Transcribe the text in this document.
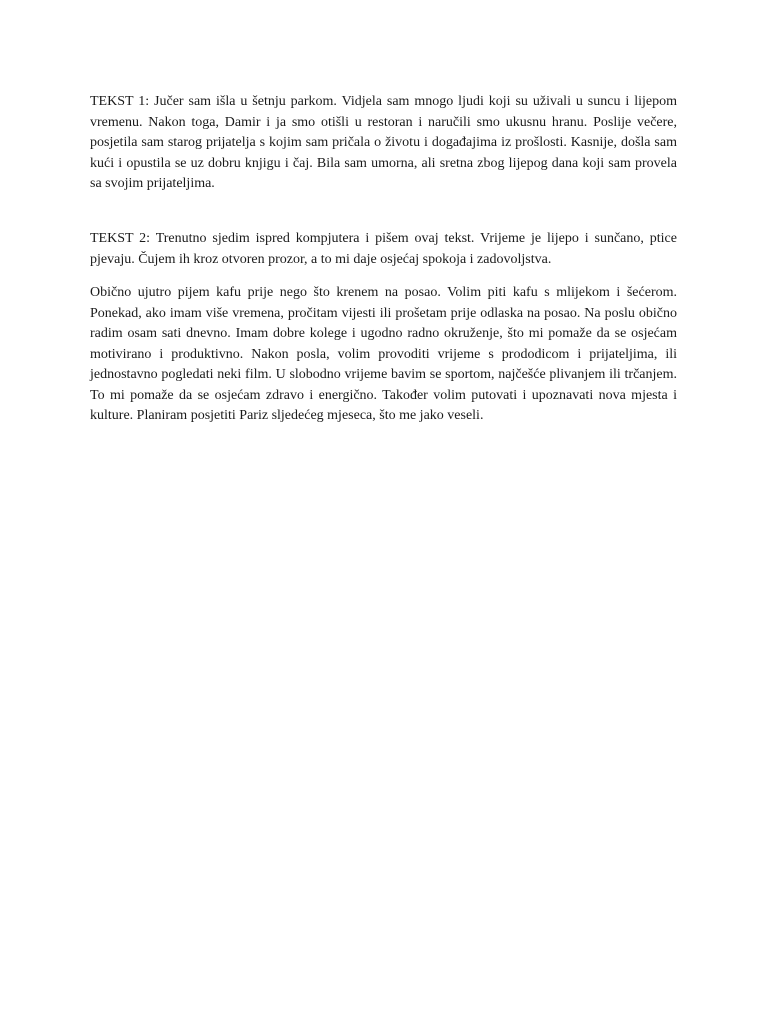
TEKST 1: Jučer sam išla u šetnju parkom. Vidjela sam mnogo ljudi koji su uživali u suncu i lijepom vremenu. Nakon toga, Damir i ja smo otišli u restoran i naručili smo ukusnu hranu. Poslije večere, posjetila sam starog prijatelja s kojim sam pričala o životu i događajima iz prošlosti. Kasnije, došla sam kući i opustila se uz dobru knjigu i čaj. Bila sam umorna, ali sretna zbog lijepog dana koji sam provela sa svojim prijateljima.

TEKST 2: Trenutno sjedim ispred kompjutera i pišem ovaj tekst. Vrijeme je lijepo i sunčano, ptice pjevaju. Čujem ih kroz otvoren prozor, a to mi daje osjećaj spokoja i zadovoljstva.

Obično ujutro pijem kafu prije nego što krenem na posao. Volim piti kafu s mlijekom i šećerom. Ponekad, ako imam više vremena, pročitam vijesti ili prošetam prije odlaska na posao. Na poslu obično radim osam sati dnevno. Imam dobre kolege i ugodno radno okruženje, što mi pomaže da se osjećam motivirano i produktivno. Nakon posla, volim provoditi vrijeme s prododicom i prijateljima, ili jednostavno pogledati neki film. U slobodno vrijeme bavim se sportom, najčešće plivanjem ili trčanjem. To mi pomaže da se osjećam zdravo i energično. Također volim putovati i upoznavati nova mjesta i kulture. Planiram posjetiti Pariz sljedećeg mjeseca, što me jako veseli.
